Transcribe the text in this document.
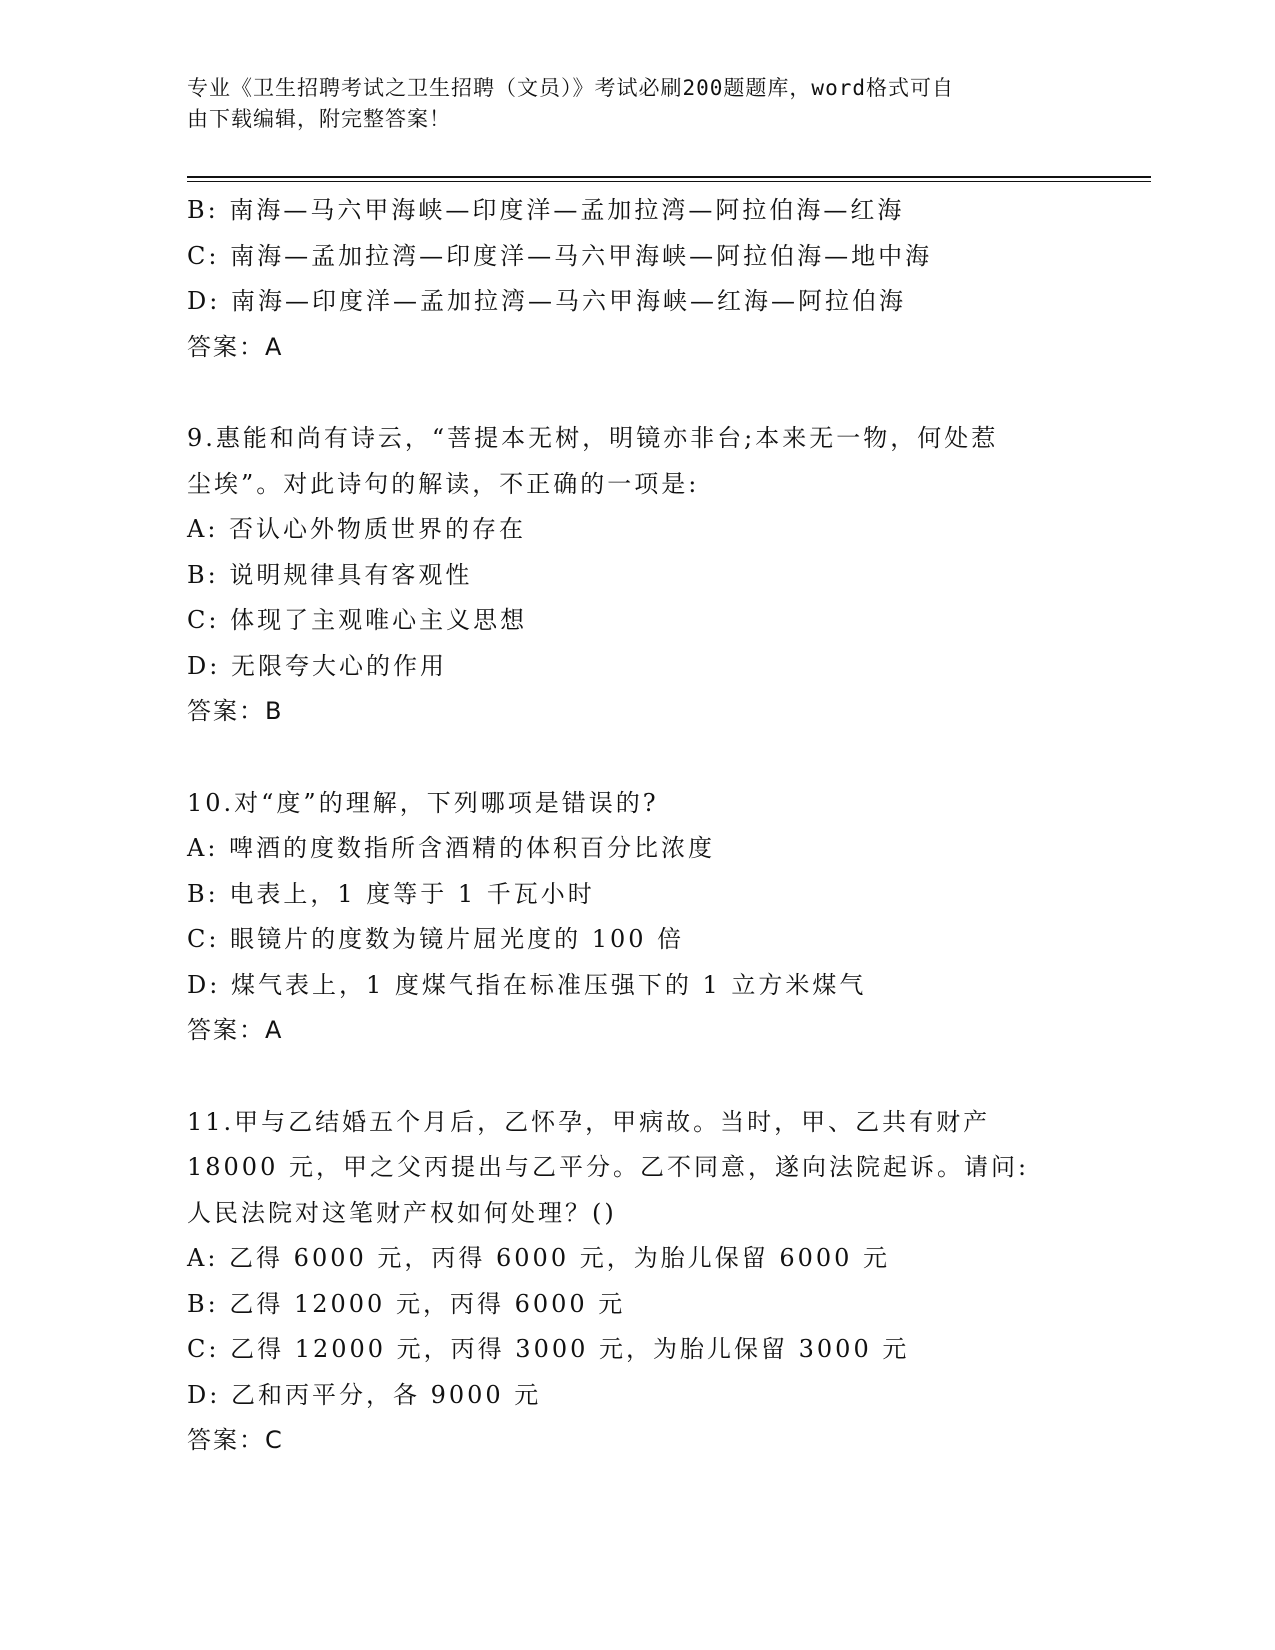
专业《卫生招聘考试之卫生招聘（文员）》考试必刷200题题库，word格式可自
由下载编辑，附完整答案！
B: 南海—马六甲海峡—印度洋—孟加拉湾—阿拉伯海—红海
C: 南海—孟加拉湾—印度洋—马六甲海峡—阿拉伯海—地中海
D: 南海—印度洋—孟加拉湾—马六甲海峡—红海—阿拉伯海
答案：A
9.惠能和尚有诗云，“菩提本无树，明镜亦非台;本来无一物，何处惹
尘埃”。对此诗句的解读，不正确的一项是:
A: 否认心外物质世界的存在
B: 说明规律具有客观性
C: 体现了主观唯心主义思想
D: 无限夸大心的作用
答案：B
10.对“度”的理解，下列哪项是错误的?
A: 啤酒的度数指所含酒精的体积百分比浓度
B: 电表上，1 度等于 1 千瓦小时
C: 眼镜片的度数为镜片屈光度的 100 倍
D: 煤气表上，1 度煤气指在标准压强下的 1 立方米煤气
答案：A
11.甲与乙结婚五个月后，乙怀孕，甲病故。当时，甲、乙共有财产
18000 元，甲之父丙提出与乙平分。乙不同意，遂向法院起诉。请问:
人民法院对这笔财产权如何处理？()
A: 乙得 6000 元，丙得 6000 元，为胎儿保留 6000 元
B: 乙得 12000 元，丙得 6000 元
C: 乙得 12000 元，丙得 3000 元，为胎儿保留 3000 元
D: 乙和丙平分，各 9000 元
答案：C
